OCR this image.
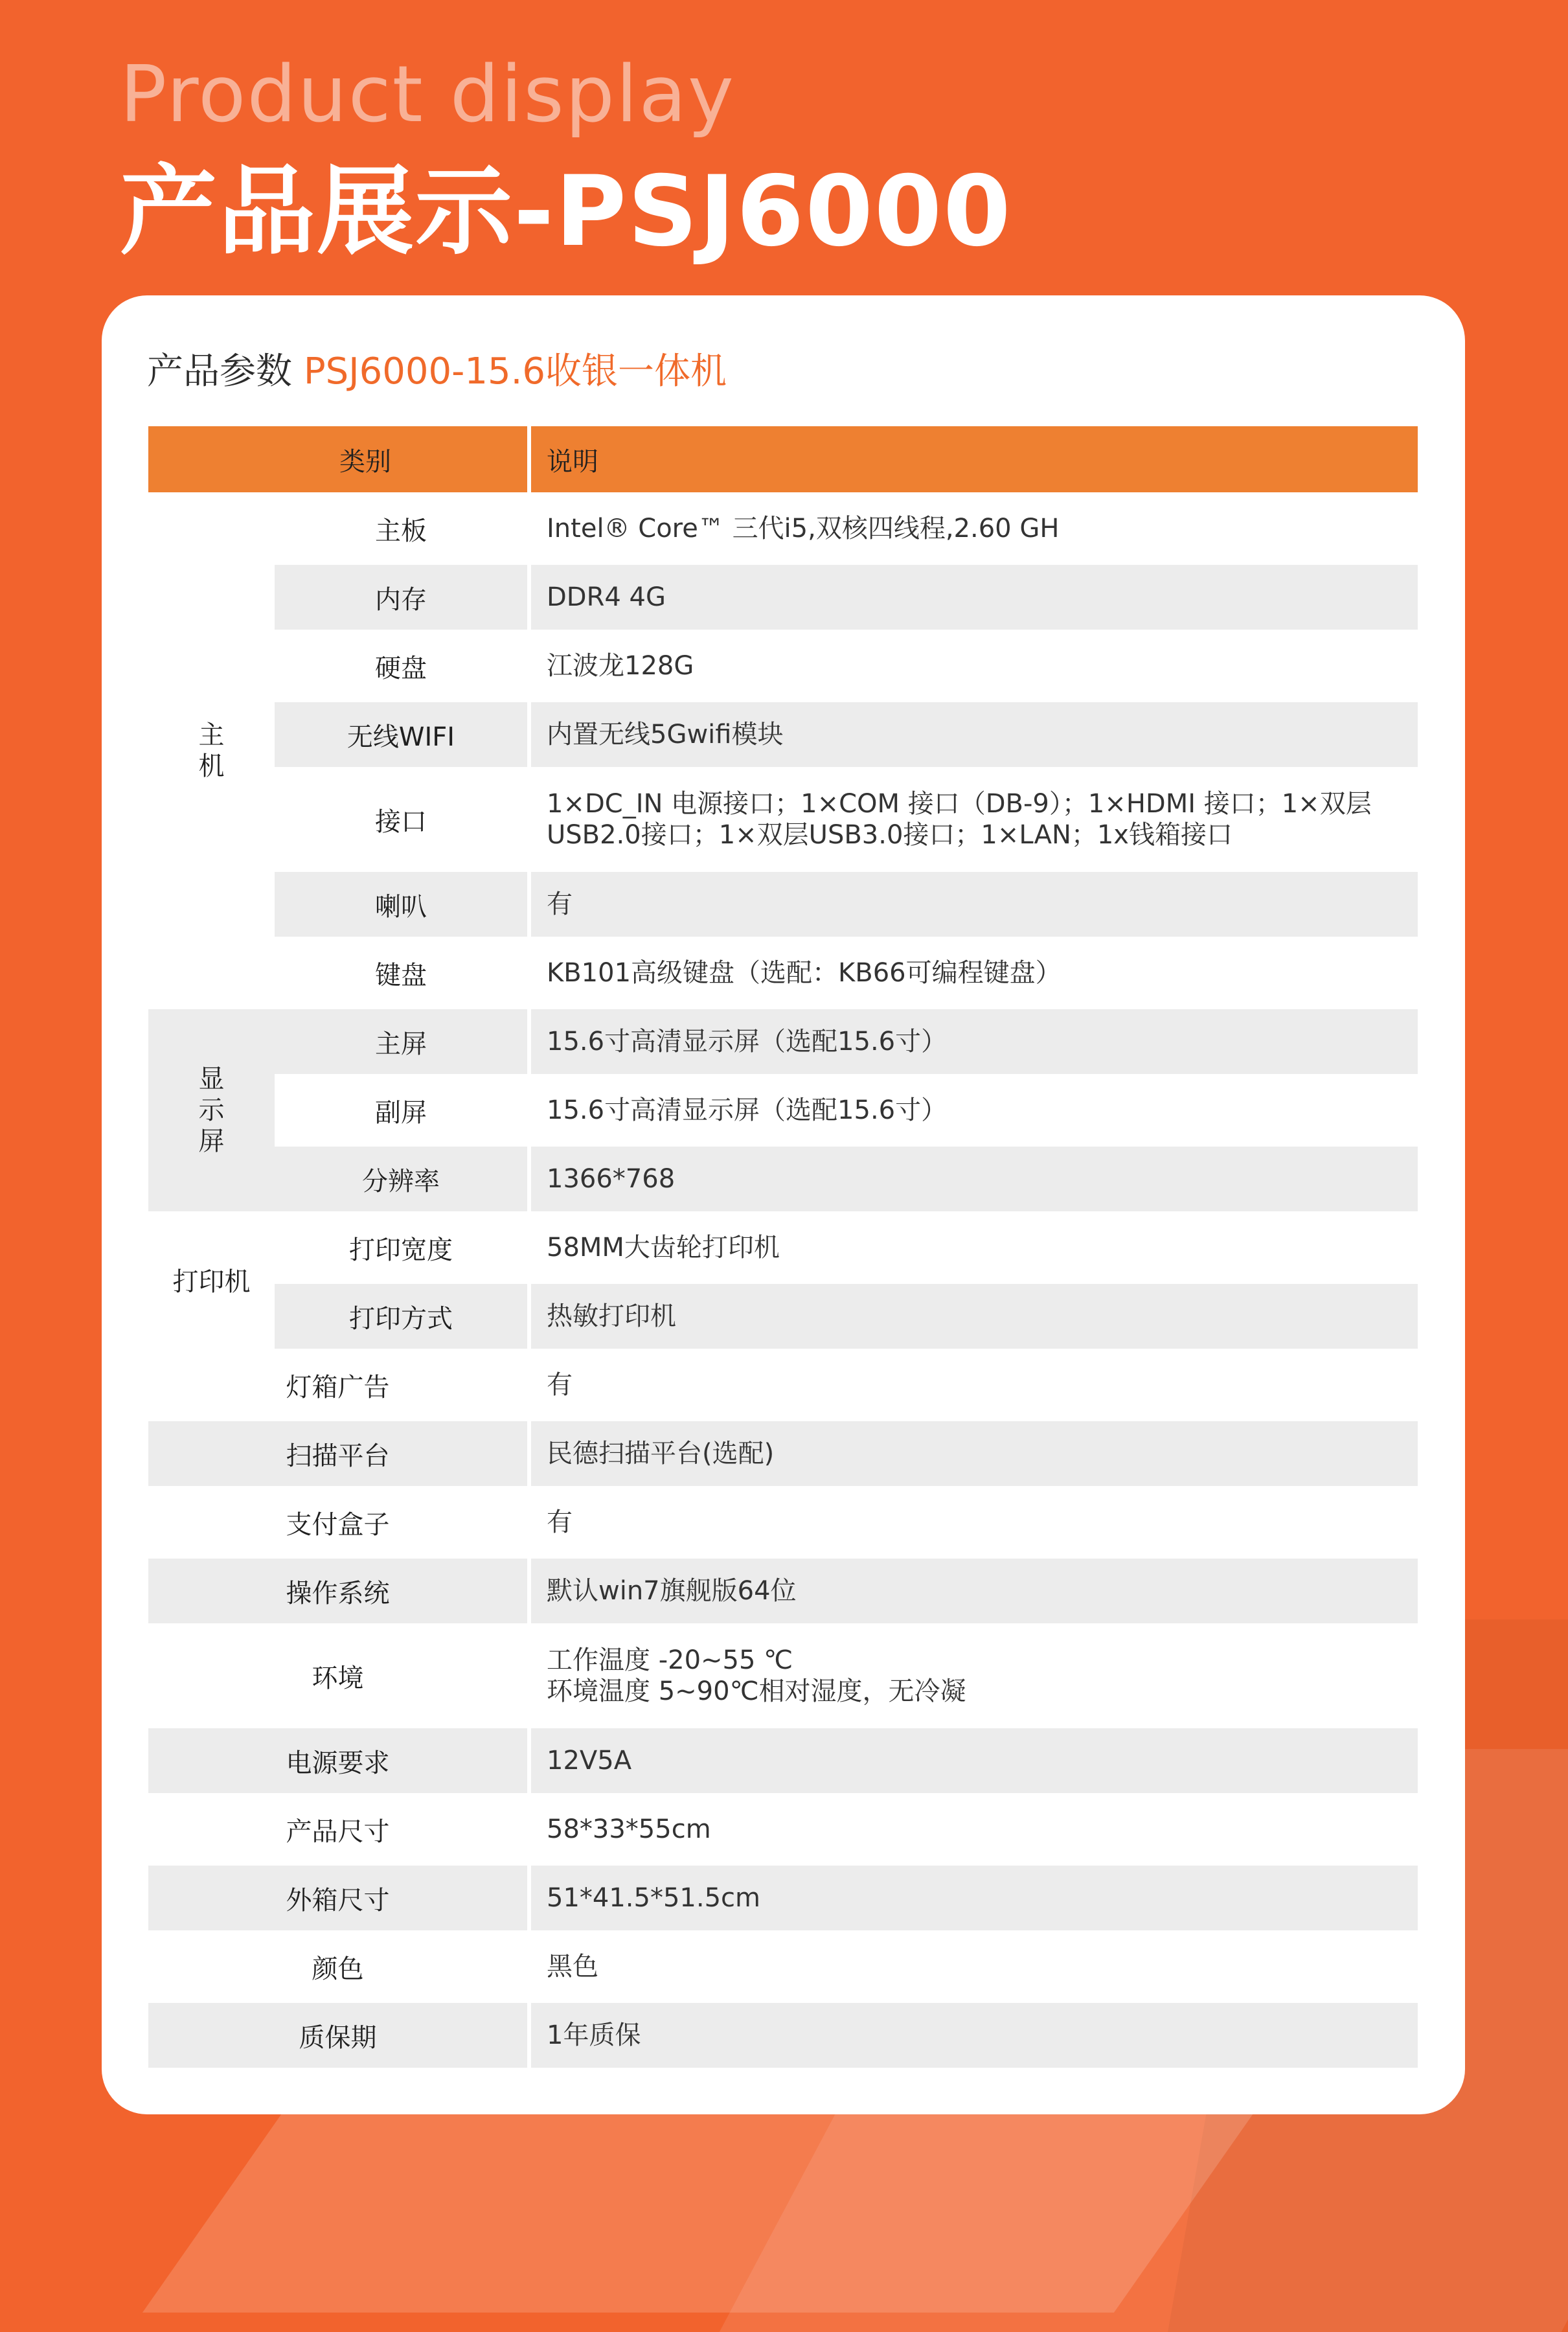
Product display
产品展示-PSJ6000
产品参数 PSJ6000-15.6收银一体机
类别		说明
主机	主板	Intel® Core™ 三代i5,双核四线程,2.60 GH
	内存	DDR4 4G
	硬盘	江波龙128G
	无线WIFI	内置无线5Gwifi模块
	接口	1×DC_IN 电源接口；1×COM 接口（DB-9）；1×HDMI 接口；1×双层USB2.0接口；1×双层USB3.0接口；1×LAN；1x钱箱接口
	喇叭	有
	键盘	KB101高级键盘（选配：KB66可编程键盘）
显示屏	主屏	15.6寸高清显示屏（选配15.6寸）
	副屏	15.6寸高清显示屏（选配15.6寸）
	分辨率	1366*768
打印机	打印宽度	58MM大齿轮打印机
	打印方式	热敏打印机
灯箱广告		有
扫描平台		民德扫描平台(选配)
支付盒子		有
操作系统		默认win7旗舰版64位
环境		工作温度 -20~55 ℃
环境温度 5~90℃相对湿度，无冷凝

电源要求		12V5A
产品尺寸		58*33*55cm
外箱尺寸		51*41.5*51.5cm
颜色		黑色
质保期		1年质保
